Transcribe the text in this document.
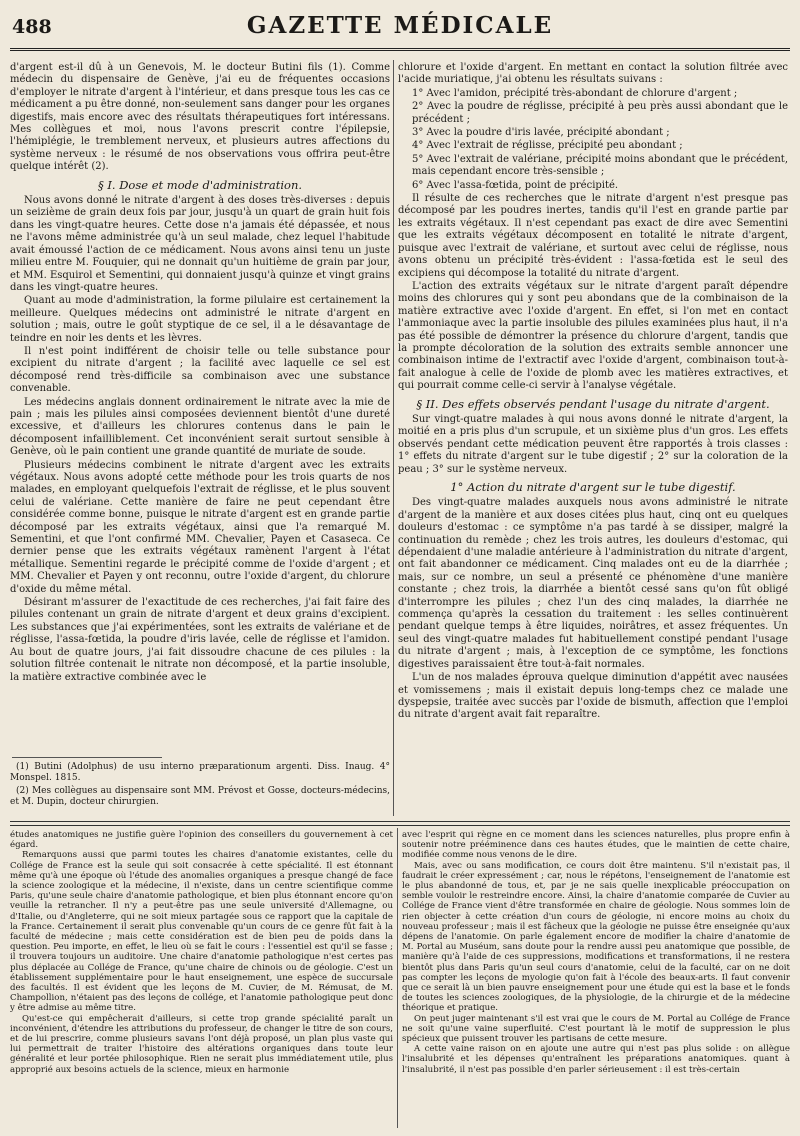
488	GAZETTE MÉDICALE

d'argent est-il dû à un Genevois, M. le docteur Butini fils (1). Comme médecin du dispensaire de Genève, j'ai eu de fréquentes occasions d'employer le nitrate d'argent à l'intérieur, et dans presque tous les cas ce médicament a pu être donné, non-seulement sans danger pour les organes digestifs, mais encore avec des résultats thérapeutiques fort intéressans. Mes collègues et moi, nous l'avons prescrit contre l'épilepsie, l'hémiplégie, le tremblement nerveux, et plusieurs autres affections du système nerveux : le résumé de nos observations vous offrira peut-être quelque intérêt (2).

§ I. Dose et mode d'administration.

Nous avons donné le nitrate d'argent à des doses très-diverses : depuis un seizième de grain deux fois par jour, jusqu'à un quart de grain huit fois dans les vingt-quatre heures. Cette dose n'a jamais été dépassée, et nous ne l'avons même administrée qu'à un seul malade, chez lequel l'habitude avait émoussé l'action de ce médicament. Nous avons ainsi tenu un juste milieu entre M. Fouquier, qui ne donnait qu'un huitième de grain par jour, et MM. Esquirol et Sementini, qui donnaient jusqu'à quinze et vingt grains dans les vingt-quatre heures.

Quant au mode d'administration, la forme pilulaire est certainement la meilleure. Quelques médecins ont administré le nitrate d'argent en solution ; mais, outre le goût styptique de ce sel, il a le désavantage de teindre en noir les dents et les lèvres.

Il n'est point indifférent de choisir telle ou telle substance pour excipient du nitrate d'argent ; la facilité avec laquelle ce sel est décomposé rend très-difficile sa combinaison avec une substance convenable.

Les médecins anglais donnent ordinairement le nitrate avec la mie de pain ; mais les pilules ainsi composées deviennent bientôt d'une dureté excessive, et d'ailleurs les chlorures contenus dans le pain le décomposent infailliblement. Cet inconvénient serait surtout sensible à Genève, où le pain contient une grande quantité de muriate de soude.

Plusieurs médecins combinent le nitrate d'argent avec les extraits végétaux. Nous avons adopté cette méthode pour les trois quarts de nos malades, en employant quelquefois l'extrait de réglisse, et le plus souvent celui de valériane. Cette manière de faire ne peut cependant être considérée comme bonne, puisque le nitrate d'argent est en grande partie décomposé par les extraits végétaux, ainsi que l'a remarqué M. Sementini, et que l'ont confirmé MM. Chevalier, Payen et Casaseca. Ce dernier pense que les extraits végétaux ramènent l'argent à l'état métallique. Sementini regarde le précipité comme de l'oxide d'argent ; et MM. Chevalier et Payen y ont reconnu, outre l'oxide d'argent, du chlorure d'oxide du même métal.

Désirant m'assurer de l'exactitude de ces recherches, j'ai fait faire des pilules contenant un grain de nitrate d'argent et deux grains d'excipient. Les substances que j'ai expérimentées, sont les extraits de valériane et de réglisse, l'assa-fœtida, la poudre d'iris lavée, celle de réglisse et l'amidon. Au bout de quatre jours, j'ai fait dissoudre chacune de ces pilules : la solution filtrée contenait le nitrate non décomposé, et la partie insoluble, la matière extractive combinée avec le

(1) Butini (Adolphus) de usu interno præparationum argenti. Diss. Inaug. 4° Monspel. 1815.

(2) Mes collègues au dispensaire sont MM. Prévost et Gosse, docteurs-médecins, et M. Dupin, docteur chirurgien.

chlorure et l'oxide d'argent. En mettant en contact la solution filtrée avec l'acide muriatique, j'ai obtenu les résultats suivans :

1° Avec l'amidon, précipité très-abondant de chlorure d'argent ;

2° Avec la poudre de réglisse, précipité à peu près aussi abondant que le précédent ;

3° Avec la poudre d'iris lavée, précipité abondant ;

4° Avec l'extrait de réglisse, précipité peu abondant ;

5° Avec l'extrait de valériane, précipité moins abondant que le précédent, mais cependant encore très-sensible ;

6° Avec l'assa-fœtida, point de précipité.

Il résulte de ces recherches que le nitrate d'argent n'est presque pas décomposé par les poudres inertes, tandis qu'il l'est en grande partie par les extraits végétaux. Il n'est cependant pas exact de dire avec Sementini que les extraits végétaux décomposent en totalité le nitrate d'argent, puisque avec l'extrait de valériane, et surtout avec celui de réglisse, nous avons obtenu un précipité très-évident : l'assa-fœtida est le seul des excipiens qui décompose la totalité du nitrate d'argent.

L'action des extraits végétaux sur le nitrate d'argent paraît dépendre moins des chlorures qui y sont peu abondans que de la combinaison de la matière extractive avec l'oxide d'argent. En effet, si l'on met en contact l'ammoniaque avec la partie insoluble des pilules examinées plus haut, il n'a pas été possible de démontrer la présence du chlorure d'argent, tandis que la prompte décoloration de la solution des extraits semble annoncer une combinaison intime de l'extractif avec l'oxide d'argent, combinaison tout-à-fait analogue à celle de l'oxide de plomb avec les matières extractives, et qui pourrait comme celle-ci servir à l'analyse végétale.

§ II. Des effets observés pendant l'usage du nitrate d'argent.

Sur vingt-quatre malades à qui nous avons donné le nitrate d'argent, la moitié en a pris plus d'un scrupule, et un sixième plus d'un gros. Les effets observés pendant cette médication peuvent être rapportés à trois classes : 1° effets du nitrate d'argent sur le tube digestif ; 2° sur la coloration de la peau ; 3° sur le système nerveux.

1° Action du nitrate d'argent sur le tube digestif.

Des vingt-quatre malades auxquels nous avons administré le nitrate d'argent de la manière et aux doses citées plus haut, cinq ont eu quelques douleurs d'estomac : ce symptôme n'a pas tardé à se dissiper, malgré la continuation du remède ; chez les trois autres, les douleurs d'estomac, qui dépendaient d'une maladie antérieure à l'administration du nitrate d'argent, ont fait abandonner ce médicament. Cinq malades ont eu de la diarrhée ; mais, sur ce nombre, un seul a présenté ce phénomène d'une manière constante ; chez trois, la diarrhée a bientôt cessé sans qu'on fût obligé d'interrompre les pilules ; chez l'un des cinq malades, la diarrhée ne commença qu'après la cessation du traitement : les selles continuèrent pendant quelque temps à être liquides, noirâtres, et assez fréquentes. Un seul des vingt-quatre malades fut habituellement constipé pendant l'usage du nitrate d'argent ; mais, à l'exception de ce symptôme, les fonctions digestives paraissaient être tout-à-fait normales.

L'un de nos malades éprouva quelque diminution d'appétit avec nausées et vomissemens ; mais il existait depuis long-temps chez ce malade une dyspepsie, traitée avec succès par l'oxide de bismuth, affection que l'emploi du nitrate d'argent avait fait reparaître.

études anatomiques ne justifie guère l'opinion des conseillers du gouvernement à cet égard.

Remarquons aussi que parmi toutes les chaires d'anatomie existantes, celle du Collége de France est la seule qui soit consacrée à cette spécialité. Il est étonnant même qu'à une époque où l'étude des anomalies organiques a presque changé de face la science zoologique et la médecine, il n'existe, dans un centre scientifique comme Paris, qu'une seule chaire d'anatomie pathologique, et bien plus étonnant encore qu'on veuille la retrancher. Il n'y a peut-être pas une seule université d'Allemagne, ou d'Italie, ou d'Angleterre, qui ne soit mieux partagée sous ce rapport que la capitale de la France. Certainement il serait plus convenable qu'un cours de ce genre fût fait à la faculté de médecine ; mais cette considération est de bien peu de poids dans la question. Peu importe, en effet, le lieu où se fait le cours : l'essentiel est qu'il se fasse ; il trouvera toujours un auditoire. Une chaire d'anatomie pathologique n'est certes pas plus déplacée au Collége de France, qu'une chaire de chinois ou de géologie. C'est un établissement supplémentaire pour le haut enseignement, une espèce de succursale des facultés. Il est évident que les leçons de M. Cuvier, de M. Rémusat, de M. Champollion, n'étaient pas des leçons de collége, et l'anatomie pathologique peut donc y être admise au même titre.

Qu'est-ce qui empêcherait d'ailleurs, si cette trop grande spécialité paraît un inconvénient, d'étendre les attributions du professeur, de changer le titre de son cours, et de lui prescrire, comme plusieurs savans l'ont déjà proposé, un plan plus vaste qui lui permettrait de traiter l'histoire des altérations organiques dans toute leur généralité et leur portée philosophique. Rien ne serait plus immédiatement utile, plus approprié aux besoins actuels de la science, mieux en harmonie

avec l'esprit qui règne en ce moment dans les sciences naturelles, plus propre enfin à soutenir notre prééminence dans ces hautes études, que le maintien de cette chaire, modifiée comme nous venons de le dire.

Mais, avec ou sans modification, ce cours doit être maintenu. S'il n'existait pas, il faudrait le créer expressément ; car, nous le répétons, l'enseignement de l'anatomie est le plus abandonné de tous, et, par je ne sais quelle inexplicable préoccupation on semble vouloir le restreindre encore. Ainsi, la chaire d'anatomie comparée de Cuvier au Collége de France vient d'être transformée en chaire de géologie. Nous sommes loin de rien objecter à cette création d'un cours de géologie, ni encore moins au choix du nouveau professeur ; mais il est fâcheux que la géologie ne puisse être enseignée qu'aux dépens de l'anatomie. On parle également encore de modifier la chaire d'anatomie de M. Portal au Muséum, sans doute pour la rendre aussi peu anatomique que possible, de manière qu'à l'aide de ces suppressions, modifications et transformations, il ne restera bientôt plus dans Paris qu'un seul cours d'anatomie, celui de la faculté, car on ne doit pas compter les leçons de myologie qu'on fait à l'école des beaux-arts. Il faut convenir que ce serait là un bien pauvre enseignement pour une étude qui est la base et le fonds de toutes les sciences zoologiques, de la physiologie, de la chirurgie et de la médecine théorique et pratique.

On peut juger maintenant s'il est vrai que le cours de M. Portal au Collége de France ne soit qu'une vaine superfluité. C'est pourtant là le motif de suppression le plus spécieux que puissent trouver les partisans de cette mesure.

A cette vaine raison on en ajoute une autre qui n'est pas plus solide : on allègue l'insalubrité et les dépenses qu'entraînent les préparations anatomiques. quant à l'insalubrité, il n'est pas possible d'en parler sérieusement : il est très-certain
